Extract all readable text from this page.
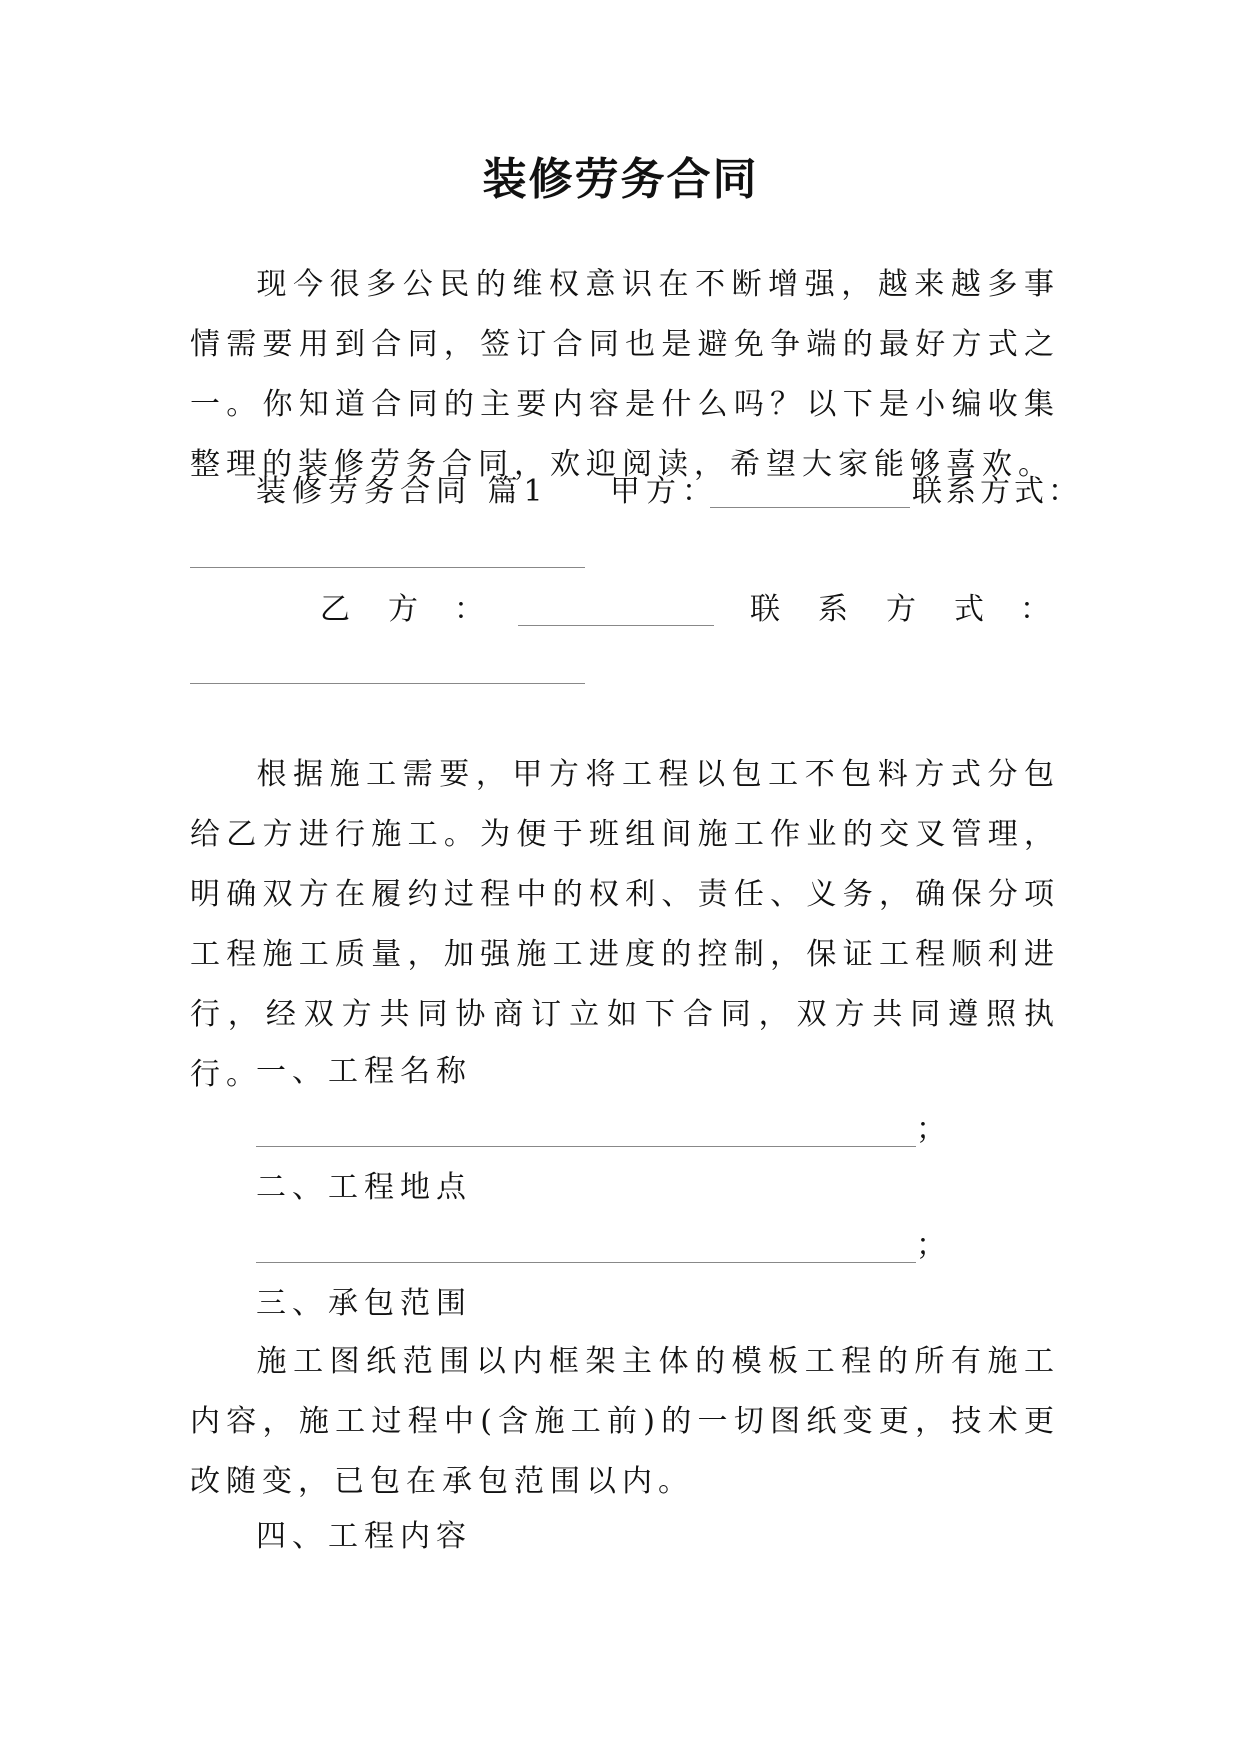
装修劳务合同
现今很多公民的维权意识在不断增强，越来越多事情需要用到合同，签订合同也是避免争端的最好方式之一。你知道合同的主要内容是什么吗？以下是小编收集整理的装修劳务合同，欢迎阅读，希望大家能够喜欢。
装修劳务合同 篇1 甲方：	联系方式：
乙 方 ：	联 系 方 式 ：
根据施工需要，甲方将工程以包工不包料方式分包给乙方进行施工。为便于班组间施工作业的交叉管理，明确双方在履约过程中的权利、责任、义务，确保分项工程施工质量，加强施工进度的控制，保证工程顺利进行，经双方共同协商订立如下合同，双方共同遵照执行。
一、工程名称
；
二、工程地点
；
三、承包范围
施工图纸范围以内框架主体的模板工程的所有施工内容，施工过程中(含施工前)的一切图纸变更，技术更改随变，已包在承包范围以内。
四、工程内容
